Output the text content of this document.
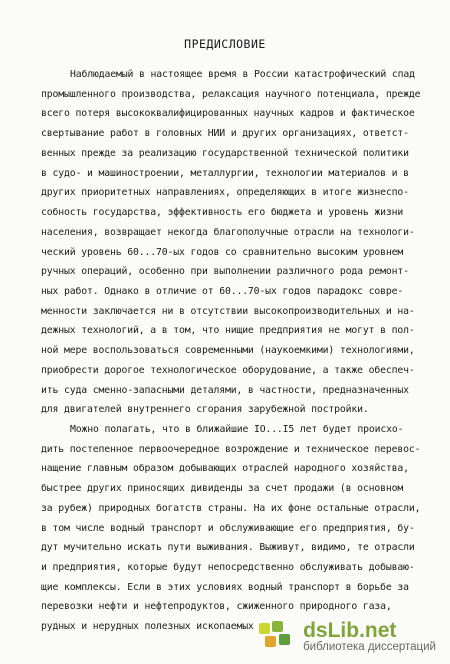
ПРЕДИСЛОВИЕ
Наблюдаемый в настоящее время в России катастрофический спад
промышленного производства, релаксация научного потенциала, прежде
всего потеря высококвалифицированных научных кадров и фактическое
свертывание работ в головных НИИ и других организациях, ответст-
венных прежде за реализацию государственной технической политики
в судо- и машиностроении, металлургии, технологии материалов и в
других приоритетных направлениях, определяющих в итоге жизнеспо-
собность государства, эффективность его бюджета и уровень жизни
населения, возвращает некогда благополучные отрасли на технологи-
ческий уровень 60...70-ых годов со сравнительно высоким уровнем
ручных операций, особенно при выполнении различного рода ремонт-
ных работ. Однако в отличие от 60...70-ых годов парадокс совре-
менности заключается ни в отсутствии высокопроизводительных и на-
дежных технологий, а в том, что нищие предприятия не могут в пол-
ной мере воспользоваться современными (наукоемкими) технологиями,
приобрести дорогое технологическое оборудование, а также обеспеч-
ить суда сменно-запасными деталями, в частности, предназначенных
для двигателей внутреннего сгорания зарубежной постройки.
Можно полагать, что в ближайшие IO...I5 лет будет происхо-
дить постепенное первоочередное возрождение и техническое перевос-
нащение главным образом добывающих отраслей народного хозяйства,
быстрее других приносящих дивиденды за счет продажи (в основном
за рубеж) природных богатств страны. На их фоне остальные отрасли,
в том числе водный транспорт и обслуживающие его предприятия, бу-
дут мучительно искать пути выживания. Выживут, видимо, те отрасли
и предприятия, которые будут непосредственно обслуживать добываю-
щие комплексы. Если в этих условиях водный транспорт в борьбе за
перевозки нефти и нефтепродуктов, сжиженного природного газа,
рудных и нерудных полезных ископаемых	dsLib.net
библиотека диссертаций
